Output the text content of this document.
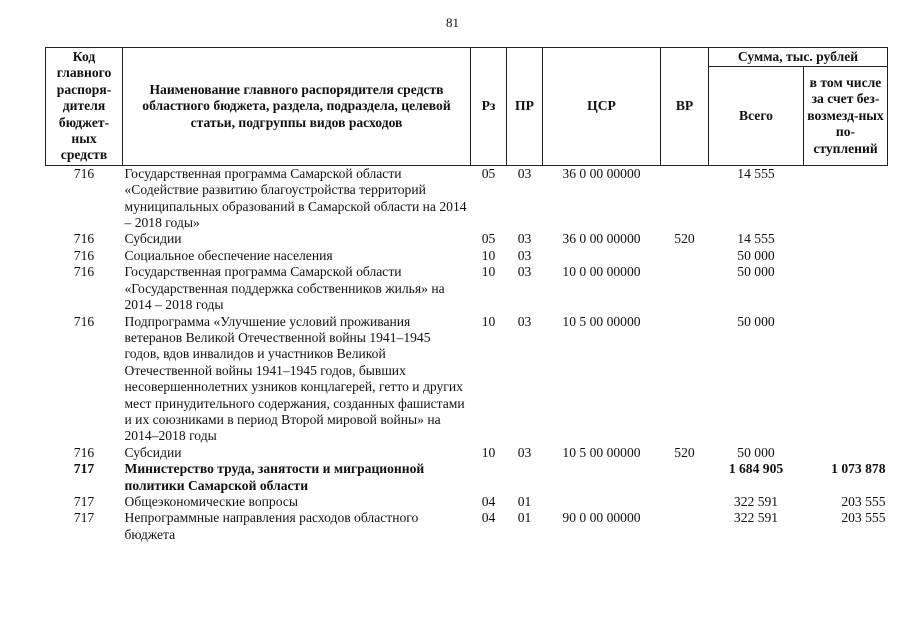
81
Код главного распоря-дителя бюджет-ных средств	Наименование главного распорядителя средств областного бюджета, раздела, подраздела, целевой статьи, подгруппы видов расходов	Рз	ПР	ЦСР	ВР	Сумма, тыс. рублей	
						Всего	в том числе за счет без-возмезд-ных по-ступлений
716	Государственная программа Самарской области «Содействие развитию благоустройства территорий муниципальных образований в Самарской области на 2014 – 2018 годы»	05	03	36 0 00 00000		14 555	
716	Субсидии	05	03	36 0 00 00000	520	14 555	
716	Социальное обеспечение населения	10	03			50 000	
716	Государственная программа Самарской области «Государственная поддержка собственников жилья» на 2014 – 2018 годы	10	03	10 0 00 00000		50 000	
716	Подпрограмма «Улучшение условий проживания ветеранов Великой Отечественной войны 1941–1945 годов, вдов инвалидов и участников Великой Отечественной войны 1941–1945 годов, бывших несовершеннолетних узников концлагерей, гетто и других мест принудительного содержания, созданных фашистами и их союзниками в период Второй мировой войны» на 2014–2018 годы	10	03	10 5 00 00000		50 000	
716	Субсидии	10	03	10 5 00 00000	520	50 000	
717	Министерство труда, занятости и миграционной политики Самарской области					1 684 905	1 073 878
717	Общеэкономические вопросы	04	01			322 591	203 555
717	Непрограммные направления расходов областного бюджета	04	01	90 0 00 00000		322 591	203 555
